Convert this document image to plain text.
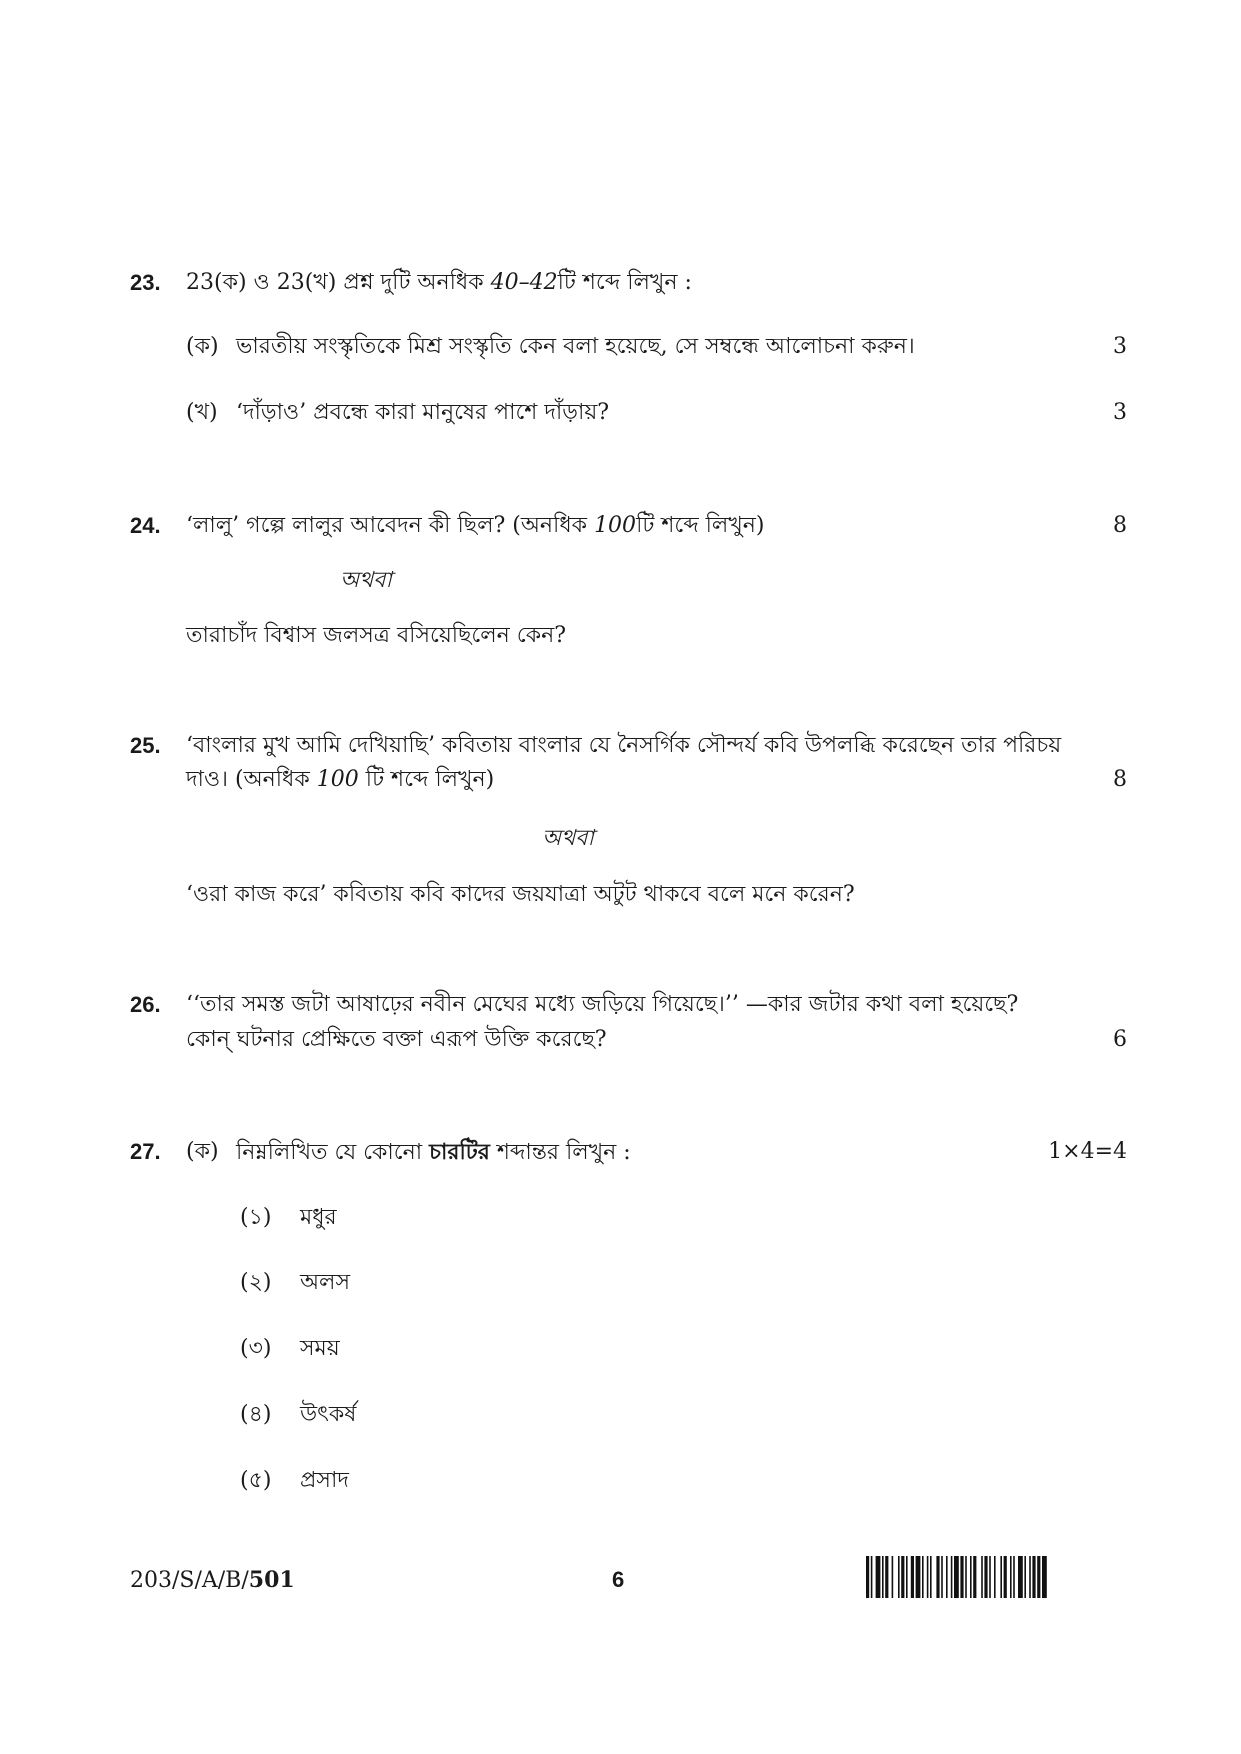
23. 23(ক) ও 23(খ) প্রশ্ন দুটি অনধিক 40–42টি শব্দে লিখুন :
(ক) ভারতীয় সংস্কৃতিকে মিশ্র সংস্কৃতি কেন বলা হয়েছে, সে সম্বন্ধে আলোচনা করুন।	3
(খ) ‘দাঁড়াও’ প্রবন্ধে কারা মানুষের পাশে দাঁড়ায়?	3
24. ‘লালু’ গল্পে লালুর আবেদন কী ছিল? (অনধিক 100টি শব্দে লিখুন)	8
অথবা
তারাচাঁদ বিশ্বাস জলসত্র বসিয়েছিলেন কেন?
25. ‘বাংলার মুখ আমি দেখিয়াছি’ কবিতায় বাংলার যে নৈসর্গিক সৌন্দর্য কবি উপলব্ধি করেছেন তার পরিচয়
দাও। (অনধিক 100 টি শব্দে লিখুন)	8
অথবা
‘ওরা কাজ করে’ কবিতায় কবি কাদের জয়যাত্রা অটুট থাকবে বলে মনে করেন?
26. ‘‘তার সমস্ত জটা আষাঢ়ের নবীন মেঘের মধ্যে জড়িয়ে গিয়েছে।’’ —কার জটার কথা বলা হয়েছে?
কোন্ ঘটনার প্রেক্ষিতে বক্তা এরূপ উক্তি করেছে?	6
27. (ক) নিম্নলিখিত যে কোনো চারটির শব্দান্তর লিখুন :	1×4=4
(১) মধুর
(২) অলস
(৩) সময়
(৪) উৎকর্ষ
(৫) প্রসাদ
203/S/A/B/501	6
